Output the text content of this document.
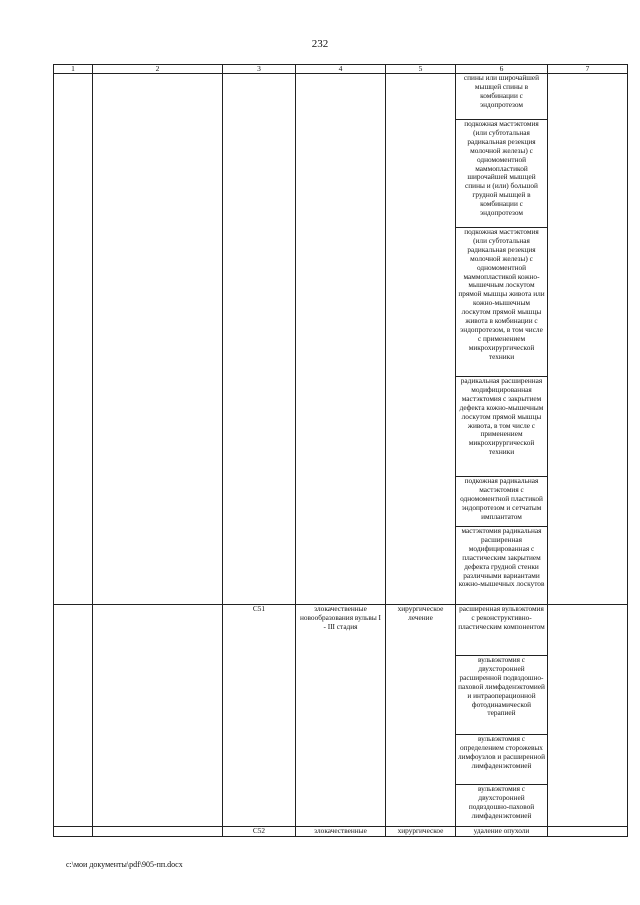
232
1	2	3	4	5	6	7
					спины или широчайшей мышцей спины в комбинации с эндопротезом	
					подкожная мастэктомия (или субтотальная радикальная резекция молочной железы) с одномоментной маммопластикой широчайшей мышцей спины и (или) большой грудной мышцей в комбинации с эндопротезом	
					подкожная мастэктомия (или субтотальная радикальная резекция молочной железы) с одномоментной маммопластикой кожно-мышечным лоскутом прямой мышцы живота или кожно-мышечным лоскутом прямой мышцы живота в комбинации с эндопротезом, в том числе с применением микрохирургической техники	
					радикальная расширенная модифицированная мастэктомия с закрытием дефекта кожно-мышечным лоскутом прямой мышцы живота, в том числе с применением микрохирургической техники	
					подкожная радикальная мастэктомия с одномоментной пластикой эндопротезом и сетчатым имплантатом	
					мастэктомия радикальная расширенная модифицированная с пластическим закрытием дефекта грудной стенки различными вариантами кожно-мышечных лоскутов	
		C51	злокачественные новообразования вульвы I - III стадия	хирургическое лечение	расширенная вульвэктомия с реконструктивно-пластическим компонентом	
					вульвэктомия с двухсторонней расширенной подвздошно-паховой лимфаденэктомией и интраоперационной фотодинамической терапией	
					вульвэктомия с определением сторожевых лимфоузлов и расширенной лимфаденэктомией	
					вульвэктомия с двухсторонней подвздошно-паховой лимфаденэктомией	
		C52	злокачественные	хирургическое	удаление опухоли	
c:\мои документы\pdf\905-пп.docx
